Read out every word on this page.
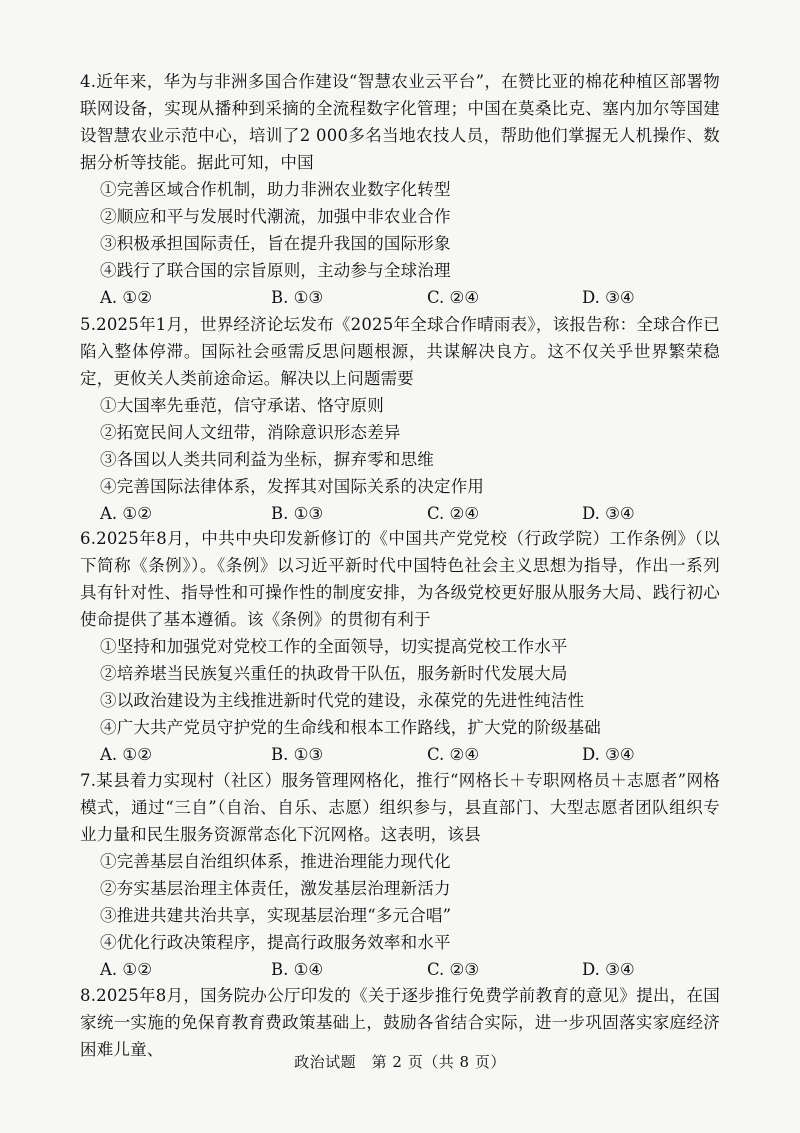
4.近年来，华为与非洲多国合作建设“智慧农业云平台”，在赞比亚的棉花种植区部署物联网设备，实现从播种到采摘的全流程数字化管理；中国在莫桑比克、塞内加尔等国建设智慧农业示范中心，培训了2 000多名当地农技人员，帮助他们掌握无人机操作、数据分析等技能。据此可知，中国

①完善区域合作机制，助力非洲农业数字化转型

②顺应和平与发展时代潮流，加强中非农业合作

③积极承担国际责任，旨在提升我国的国际形象

④践行了联合国的宗旨原则，主动参与全球治理

A. ①②	B. ①③	C. ②④	D. ③④

5.2025年1月，世界经济论坛发布《2025年全球合作晴雨表》，该报告称：全球合作已陷入整体停滞。国际社会亟需反思问题根源，共谋解决良方。这不仅关乎世界繁荣稳定，更攸关人类前途命运。解决以上问题需要

①大国率先垂范，信守承诺、恪守原则

②拓宽民间人文纽带，消除意识形态差异

③各国以人类共同利益为坐标，摒弃零和思维

④完善国际法律体系，发挥其对国际关系的决定作用

A. ①②	B. ①③	C. ②④	D. ③④

6.2025年8月，中共中央印发新修订的《中国共产党党校（行政学院）工作条例》（以下简称《条例》）。《条例》以习近平新时代中国特色社会主义思想为指导，作出一系列具有针对性、指导性和可操作性的制度安排，为各级党校更好服从服务大局、践行初心使命提供了基本遵循。该《条例》的贯彻有利于

①坚持和加强党对党校工作的全面领导，切实提高党校工作水平

②培养堪当民族复兴重任的执政骨干队伍，服务新时代发展大局

③以政治建设为主线推进新时代党的建设，永葆党的先进性纯洁性

④广大共产党员守护党的生命线和根本工作路线，扩大党的阶级基础

A. ①②	B. ①③	C. ②④	D. ③④

7.某县着力实现村（社区）服务管理网格化，推行“网格长＋专职网格员＋志愿者”网格模式，通过“三自”（自治、自乐、志愿）组织参与，县直部门、大型志愿者团队组织专业力量和民生服务资源常态化下沉网格。这表明，该县

①完善基层自治组织体系，推进治理能力现代化

②夯实基层治理主体责任，激发基层治理新活力

③推进共建共治共享，实现基层治理“多元合唱”

④优化行政决策程序，提高行政服务效率和水平

A. ①②	B. ①④	C. ②③	D. ③④

8.2025年8月，国务院办公厅印发的《关于逐步推行免费学前教育的意见》提出，在国家统一实施的免保育教育费政策基础上，鼓励各省结合实际，进一步巩固落实家庭经济困难儿童、

政治试题　第 2 页（共 8 页）
